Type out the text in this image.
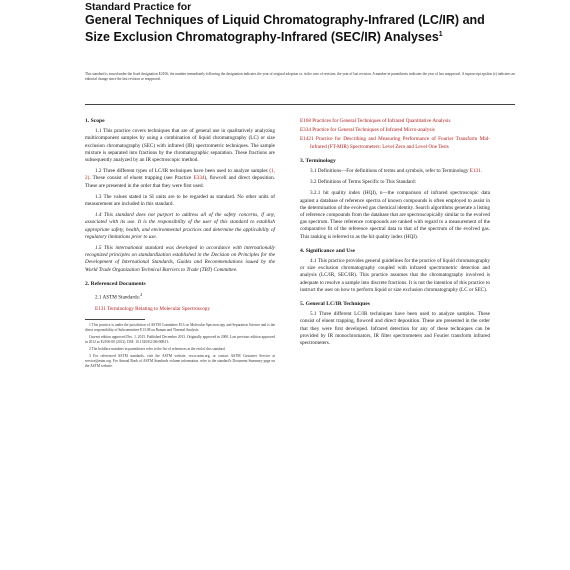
Standard Practice for
General Techniques of Liquid Chromatography-Infrared (LC/IR) and Size Exclusion Chromatography-Infrared (SEC/IR) Analyses$^1$
This standard is issued under the fixed designation E2106; the number immediately following the designation indicates the year of original adoption or, in the case of revision, the year of last revision. A number in parentheses indicates the year of last reapproval. A superscript epsilon (ε) indicates an editorial change since the last revision or reapproval.
1. Scope
1.1 This practice covers techniques that are of general use in qualitatively analyzing multicomponent samples by using a combination of liquid chromatography (LC) or size exclusion chromatography (SEC) with infrared (IR) spectrometric techniques. The sample mixture is separated into fractions by the chromatographic separation. These fractions are subsequently analyzed by an IR spectroscopic method.
1.2 Three different types of LC/IR techniques have been used to analyze samples (1, 2). These consist of eluent trapping (see Practice E334), flowcell and direct deposition. These are presented in the order that they were first used.
1.3 The values stated in SI units are to be regarded as standard. No other units of measurement are included in this standard.
1.4 This standard does not purport to address all of the safety concerns, if any, associated with its use. It is the responsibility of the user of this standard to establish appropriate safety, health, and environmental practices and determine the applicability of regulatory limitations prior to use.
1.5 This international standard was developed in accordance with internationally recognized principles on standardization established in the Decision on Principles for the Development of International Standards, Guides and Recommendations issued by the World Trade Organization Technical Barriers to Trade (TBT) Committee.
2. Referenced Documents
2.1 ASTM Standards:$^2$
E131 Terminology Relating to Molecular Spectroscopy
1 This practice is under the jurisdiction of ASTM Committee E13 on Molecular Spectroscopy and Separation Science and is the direct responsibility of Subcommittee E13.08 on Raman and Thermal Analysis.
Current edition approved Dec. 1, 2013. Published December 2013. Originally approved in 2000. Last previous edition approved in 2012 as E2106-00 (2012). DOI: 10.1520/E2106-00R13.
2 The boldface numbers in parentheses refer to the list of references at the end of this standard.
3 For referenced ASTM standards, visit the ASTM website, www.astm.org, or contact ASTM Customer Service at service@astm.org. For Annual Book of ASTM Standards volume information, refer to the standard's Document Summary page on the ASTM website.
E168 Practices for General Techniques of Infrared Quantitative Analysis
E334 Practice for General Techniques of Infrared Micro-analysis
E1421 Practice for Describing and Measuring Performance of Fourier Transform Mid-Infrared (FT-MIR) Spectrometers: Level Zero and Level One Tests
3. Terminology
3.1 Definitions—For definitions of terms and symbols, refer to Terminology E131.
3.2 Definitions of Terms Specific to This Standard:
3.2.1 hit quality index (HQI), n—the comparison of infrared spectroscopic data against a database of reference spectra of known compounds is often employed to assist in the determination of the evolved gas chemical identity. Search algorithms generate a listing of reference compounds from the database that are spectroscopically similar to the evolved gas spectrum. These reference compounds are ranked with regard to a measurement of the comparative fit of the reference spectral data to that of the spectrum of the evolved gas. This ranking is referred to as the hit quality index (HQI).
4. Significance and Use
4.1 This practice provides general guidelines for the practice of liquid chromatography or size exclusion chromatography coupled with infrared spectrometric detection and analysis (LC/IR, SEC/IR). This practice assumes that the chromatography involved is adequate to resolve a sample into discrete fractions. It is not the intention of this practice to instruct the user on how to perform liquid or size exclusion chromatography (LC or SEC).
5. General LC/IR Techniques
5.1 Three different LC/IR techniques have been used to analyze samples. These consist of eluent trapping, flowcell and direct deposition. These are presented in the order that they were first developed. Infrared detection for any of these techniques can be provided by IR monochromators, IR filter spectrometers and Fourier transform infrared spectrometers.
